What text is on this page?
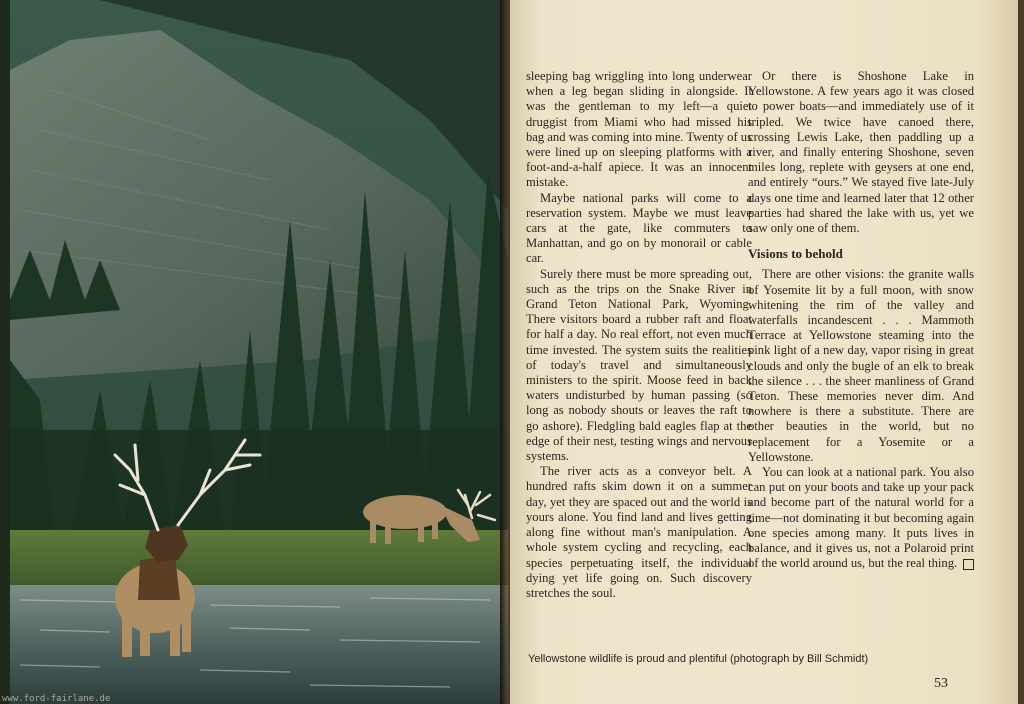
www.ford-fairlane.de

sleeping bag wriggling into long underwear when a leg began sliding in alongside. It was the gentleman to my left—a quiet druggist from Miami who had missed his bag and was coming into mine. Twenty of us were lined up on sleeping platforms with a foot-and-a-half apiece. It was an innocent mistake.

Maybe national parks will come to a reservation system. Maybe we must leave cars at the gate, like commuters to Manhattan, and go on by monorail or cable car.

Surely there must be more spreading out, such as the trips on the Snake River in Grand Teton National Park, Wyoming. There visitors board a rubber raft and float for half a day. No real effort, not even much time invested. The system suits the realities of today's travel and simultaneously ministers to the spirit. Moose feed in back waters undisturbed by human passing (so long as nobody shouts or leaves the raft to go ashore). Fledgling bald eagles flap at the edge of their nest, testing wings and nervous systems.

The river acts as a conveyor belt. A hundred rafts skim down it on a summer day, yet they are spaced out and the world is yours alone. You find land and lives getting along fine without man's manipulation. A whole system cycling and recycling, each species perpetuating itself, the individual dying yet life going on. Such discovery stretches the soul.

Or there is Shoshone Lake in Yellowstone. A few years ago it was closed to power boats—and immediately use of it tripled. We twice have canoed there, crossing Lewis Lake, then paddling up a river, and finally entering Shoshone, seven miles long, replete with geysers at one end, and entirely “ours.” We stayed five late-July days one time and learned later that 12 other parties had shared the lake with us, yet we saw only one of them.

Visions to behold

There are other visions: the granite walls of Yosemite lit by a full moon, with snow whitening the rim of the valley and waterfalls incandescent . . . Mammoth Terrace at Yellowstone steaming into the pink light of a new day, vapor rising in great clouds and only the bugle of an elk to break the silence . . . the sheer manliness of Grand Teton. These memories never dim. And nowhere is there a substitute. There are other beauties in the world, but no replacement for a Yosemite or a Yellowstone.

You can look at a national park. You also can put on your boots and take up your pack and become part of the natural world for a time—not dominating it but becoming again one species among many. It puts lives in balance, and it gives us, not a Polaroid print of the world around us, but the real thing.

Yellowstone wildlife is proud and plentiful (photograph by Bill Schmidt)
53
